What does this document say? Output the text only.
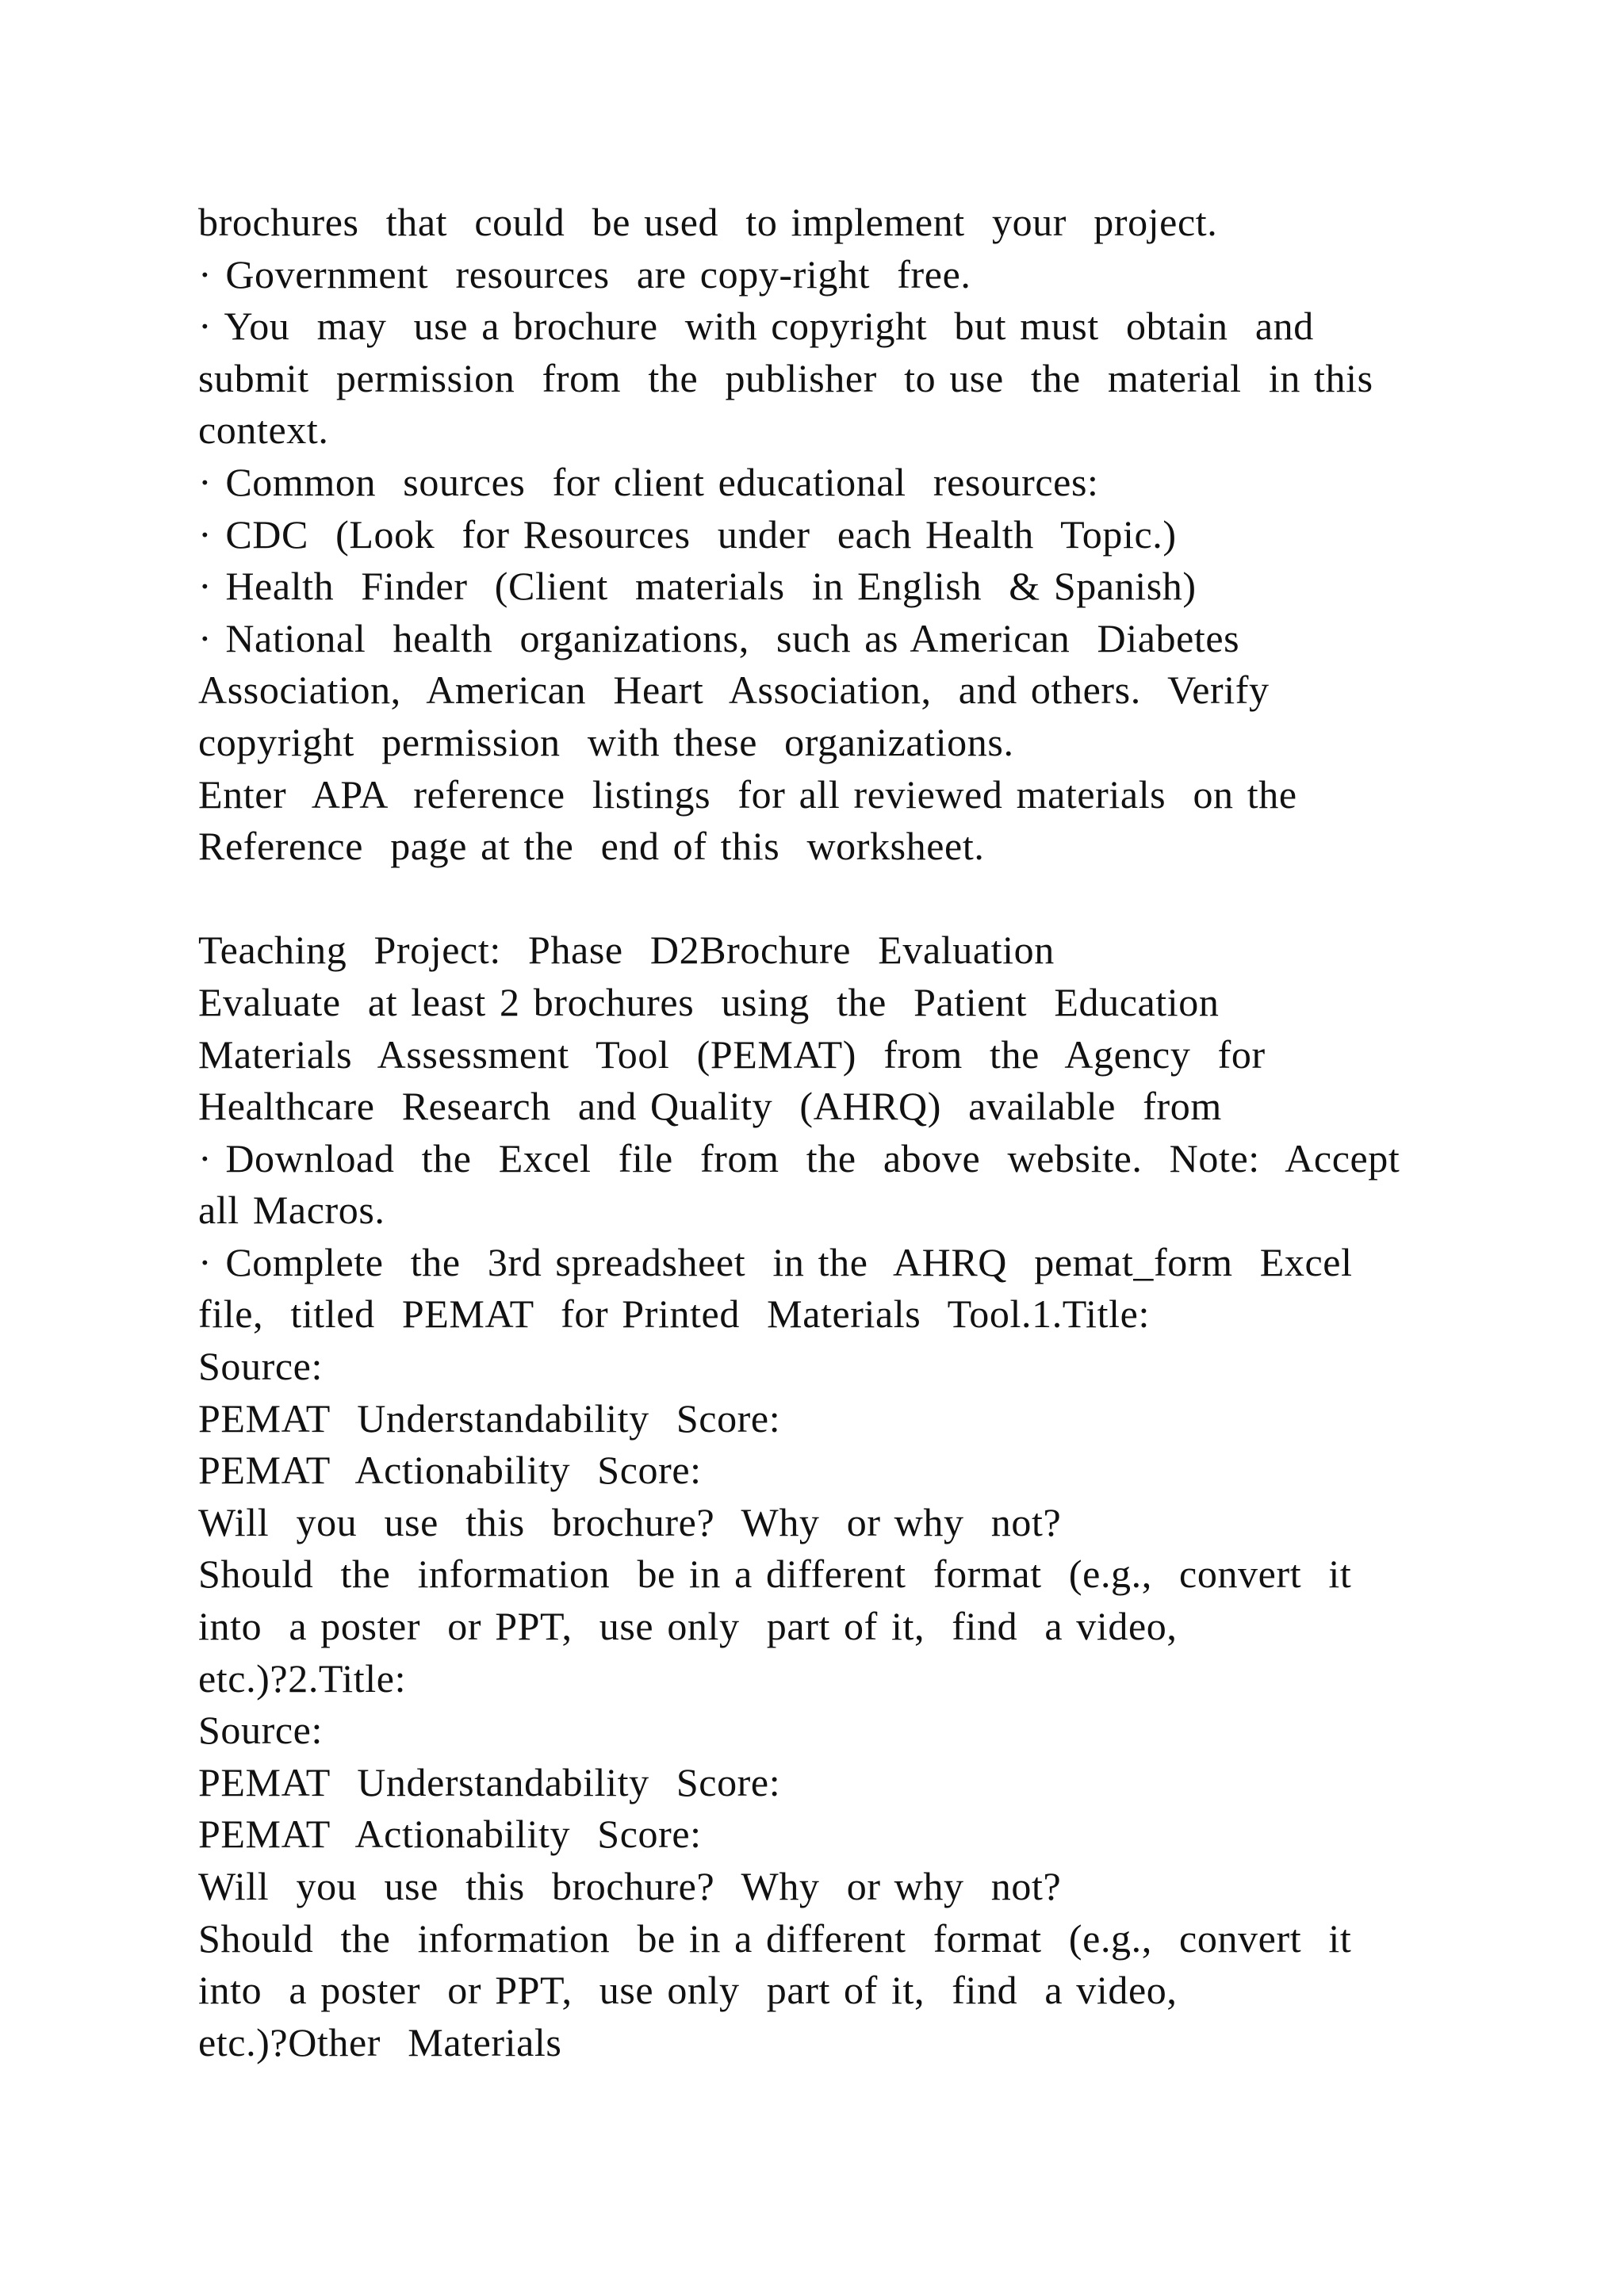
brochures  that  could  be used  to implement  your  project.
· Government  resources  are copy-right  free.
· You  may  use a brochure  with copyright  but must  obtain  and
submit  permission  from  the  publisher  to use  the  material  in this
context.
· Common  sources  for client educational  resources:
· CDC  (Look  for Resources  under  each Health  Topic.)
· Health  Finder  (Client  materials  in English  & Spanish)
· National  health  organizations,  such as American  Diabetes
Association,  American  Heart  Association,  and others.  Verify
copyright  permission  with these  organizations.
Enter  APA  reference  listings  for all reviewed materials  on the
Reference  page at the  end of this  worksheet.
Teaching  Project:  Phase  D2Brochure  Evaluation
Evaluate  at least 2 brochures  using  the  Patient  Education
Materials  Assessment  Tool  (PEMAT)  from  the  Agency  for
Healthcare  Research  and Quality  (AHRQ)  available  from
· Download  the  Excel  file  from  the  above  website.  Note:  Accept
all Macros.
· Complete  the  3rd spreadsheet  in the  AHRQ  pemat_form  Excel
file,  titled  PEMAT  for Printed  Materials  Tool.1.Title:
Source:
PEMAT  Understandability  Score:
PEMAT  Actionability  Score:
Will  you  use  this  brochure?  Why  or why  not?
Should  the  information  be in a different  format  (e.g.,  convert  it
into  a poster  or PPT,  use only  part of it,  find  a video,
etc.)?2.Title:
Source:
PEMAT  Understandability  Score:
PEMAT  Actionability  Score:
Will  you  use  this  brochure?  Why  or why  not?
Should  the  information  be in a different  format  (e.g.,  convert  it
into  a poster  or PPT,  use only  part of it,  find  a video,
etc.)?Other  Materials
